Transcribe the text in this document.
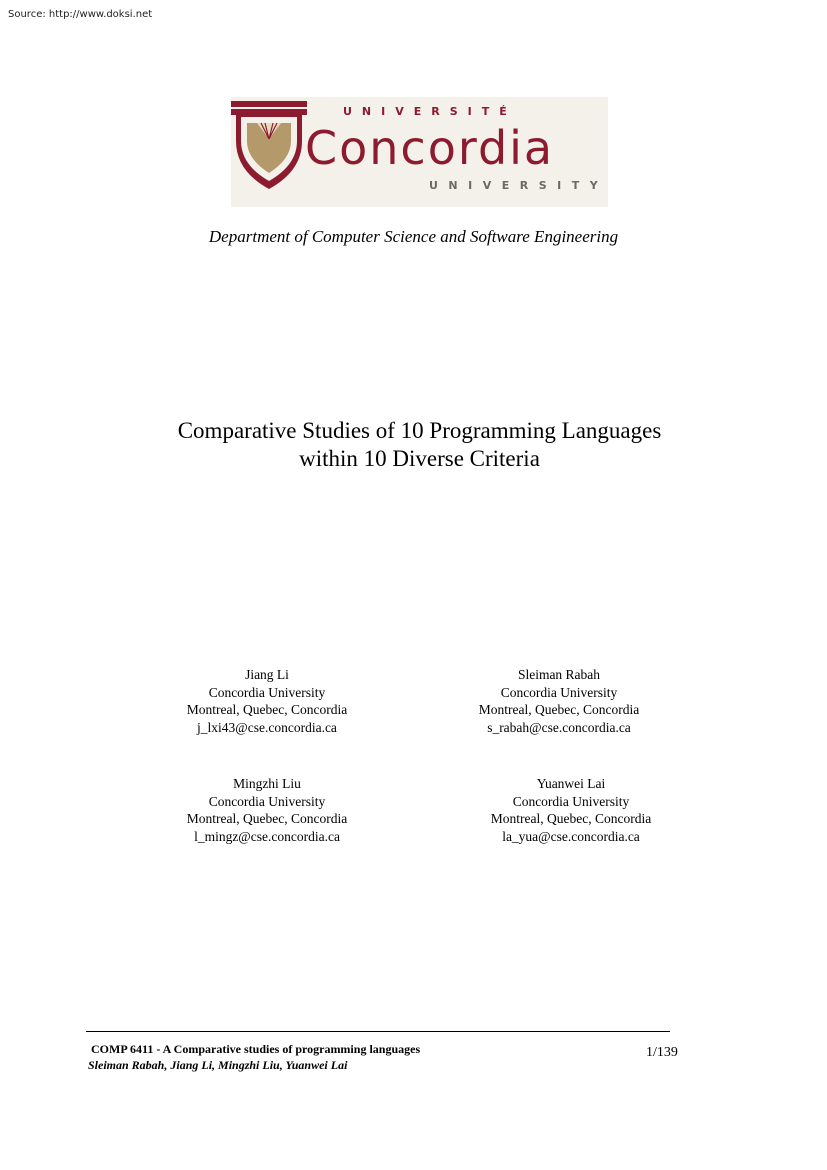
Source: http://www.doksi.net
UNIVERSITÉ
Concordia
UNIVERSITY
Department of Computer Science and Software Engineering
Comparative Studies of 10 Programming Languages
within 10 Diverse Criteria
Jiang Li
Concordia University
Montreal, Quebec, Concordia
j_lxi43@cse.concordia.ca
Sleiman Rabah
Concordia University
Montreal, Quebec, Concordia
s_rabah@cse.concordia.ca
Mingzhi Liu
Concordia University
Montreal, Quebec, Concordia
l_mingz@cse.concordia.ca
Yuanwei Lai
Concordia University
Montreal, Quebec, Concordia
la_yua@cse.concordia.ca
COMP 6411 - A Comparative studies of programming languages
Sleiman Rabah, Jiang Li, Mingzhi Liu, Yuanwei Lai
1/139
